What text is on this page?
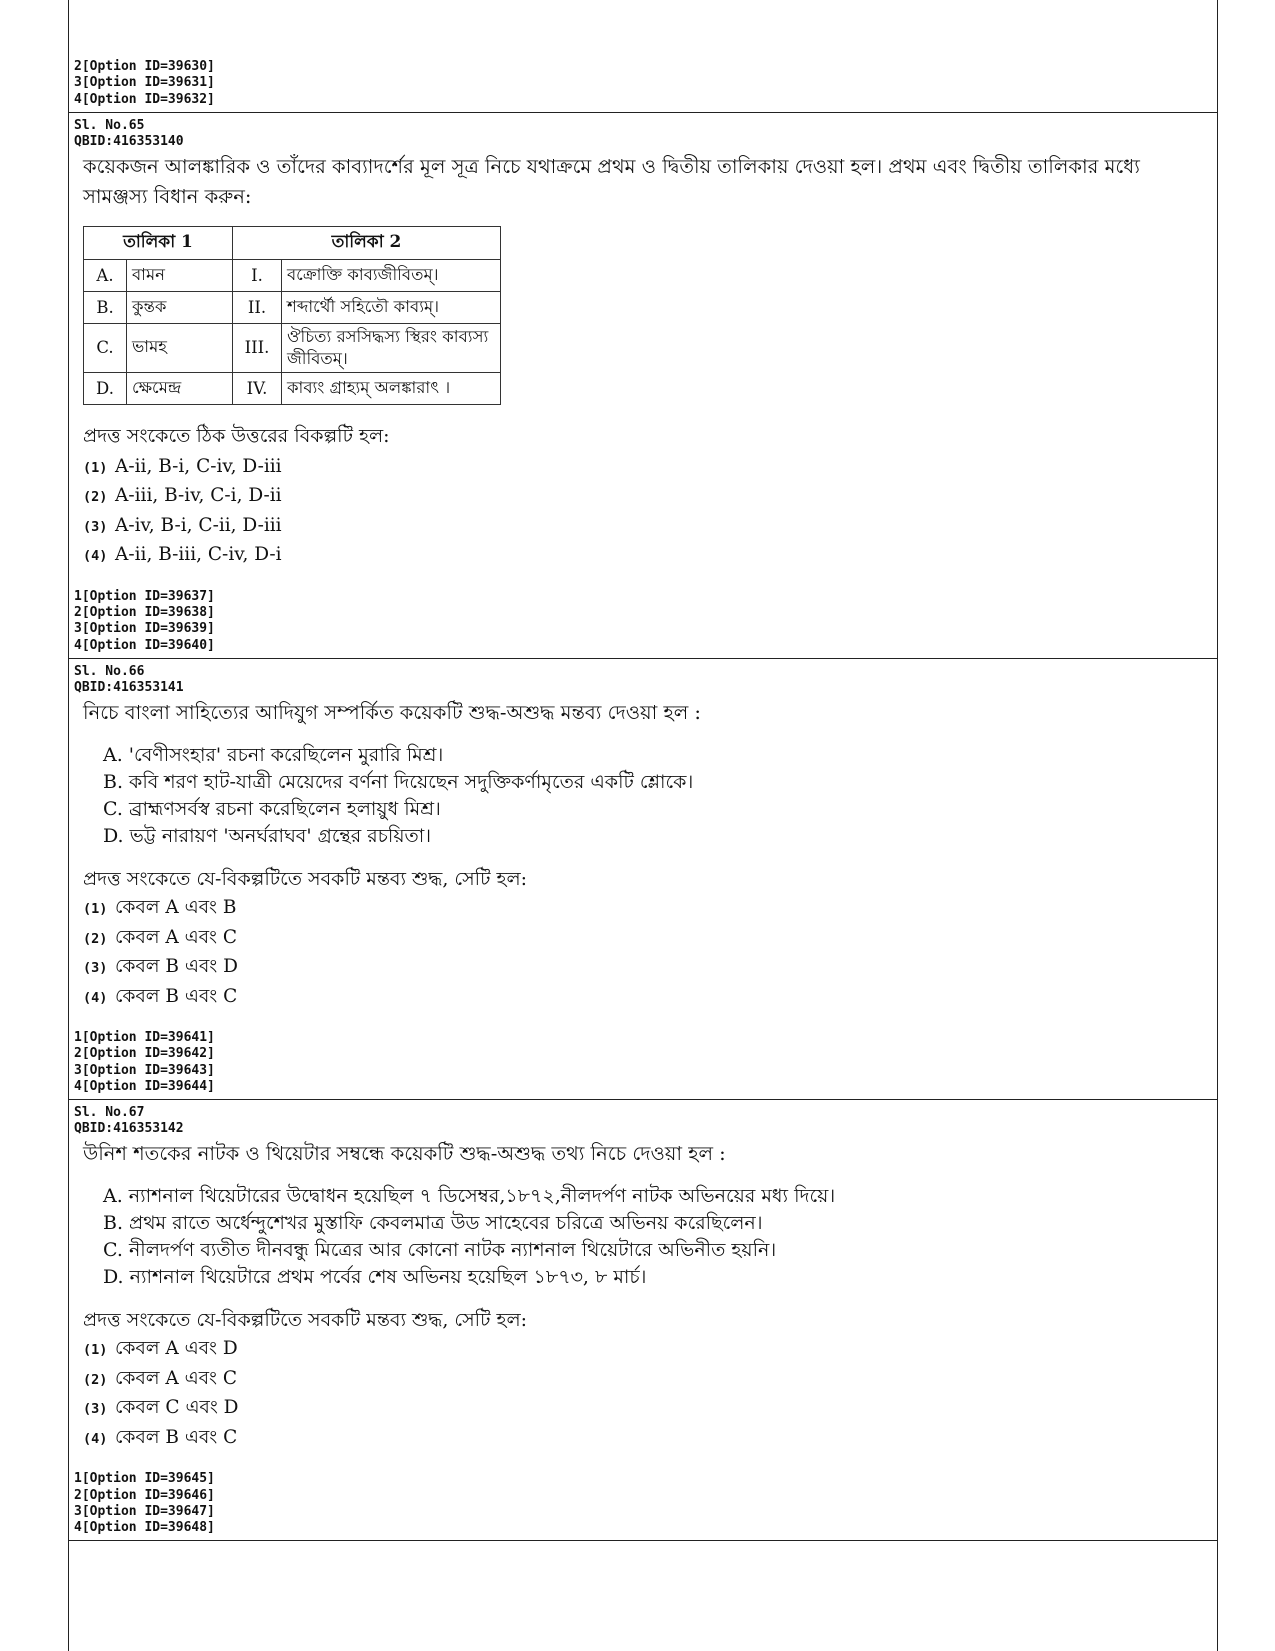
2[Option ID=39630]
3[Option ID=39631]
4[Option ID=39632]
Sl. No.65
QBID:416353140
কয়েকজন আলঙ্কারিক ও তাঁদের কাব্যাদর্শের মূল সূত্র নিচে যথাক্রমে প্রথম ও দ্বিতীয় তালিকায় দেওয়া হল। প্রথম এবং দ্বিতীয় তালিকার মধ্যে সামঞ্জস্য বিধান করুন:
তালিকা 1		তালিকা 2	
A.	বামন	I.	বক্রোক্তি কাব্যজীবিতম্।
B.	কুন্তক	II.	শব্দার্থৌ সহিতৌ কাব্যম্।
C.	ভামহ	III.	ঔচিত্য রসসিদ্ধস্য স্থিরং কাব্যস্য জীবিতম্।
D.	ক্ষেমেন্দ্র	IV.	কাব্যং গ্রাহ্যম্ অলঙ্কারাৎ ।
প্রদত্ত সংকেতে ঠিক উত্তরের বিকল্পটি হল:
(1) A-ii, B-i, C-iv, D-iii
(2) A-iii, B-iv, C-i, D-ii
(3) A-iv, B-i, C-ii, D-iii
(4) A-ii, B-iii, C-iv, D-i
1[Option ID=39637]
2[Option ID=39638]
3[Option ID=39639]
4[Option ID=39640]
Sl. No.66
QBID:416353141
নিচে বাংলা সাহিত্যের আদিযুগ সম্পর্কিত কয়েকটি শুদ্ধ-অশুদ্ধ মন্তব্য দেওয়া হল :
A. 'বেণীসংহার' রচনা করেছিলেন মুরারি মিশ্র।
B. কবি শরণ হাট-যাত্রী মেয়েদের বর্ণনা দিয়েছেন সদুক্তিকর্ণামৃতের একটি শ্লোকে।
C. ব্রাহ্মণসর্বস্ব রচনা করেছিলেন হলায়ুধ মিশ্র।
D. ভট্ট নারায়ণ 'অনর্ঘরাঘব' গ্রন্থের রচয়িতা।
প্রদত্ত সংকেতে যে-বিকল্পটিতে সবকটি মন্তব্য শুদ্ধ, সেটি হল:
(1) কেবল A এবং B
(2) কেবল A এবং C
(3) কেবল B এবং D
(4) কেবল B এবং C
1[Option ID=39641]
2[Option ID=39642]
3[Option ID=39643]
4[Option ID=39644]
Sl. No.67
QBID:416353142
উনিশ শতকের নাটক ও থিয়েটার সম্বন্ধে কয়েকটি শুদ্ধ-অশুদ্ধ তথ্য নিচে দেওয়া হল :
A. ন্যাশনাল থিয়েটারের উদ্বোধন হয়েছিল ৭ ডিসেম্বর,১৮৭২,নীলদর্পণ নাটক অভিনয়ের মধ্য দিয়ে।
B. প্রথম রাতে অর্ধেন্দুশেখর মুস্তাফি কেবলমাত্র উড সাহেবের চরিত্রে অভিনয় করেছিলেন।
C. নীলদর্পণ ব্যতীত দীনবন্ধু মিত্রের আর কোনো নাটক ন্যাশনাল থিয়েটারে অভিনীত হয়নি।
D. ন্যাশনাল থিয়েটারে প্রথম পর্বের শেষ অভিনয় হয়েছিল ১৮৭৩, ৮ মার্চ।
প্রদত্ত সংকেতে যে-বিকল্পটিতে সবকটি মন্তব্য শুদ্ধ, সেটি হল:
(1) কেবল A এবং D
(2) কেবল A এবং C
(3) কেবল C এবং D
(4) কেবল B এবং C
1[Option ID=39645]
2[Option ID=39646]
3[Option ID=39647]
4[Option ID=39648]
